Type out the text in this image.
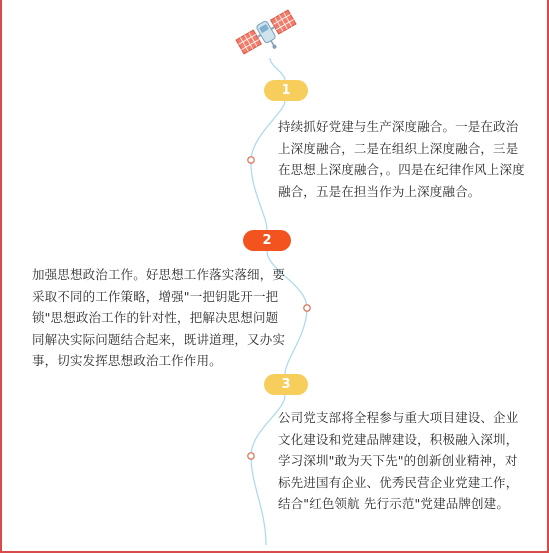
1
持续抓好党建与生产深度融合。一是在政治上深度融合，二是在组织上深度融合，三是在思想上深度融合，。四是在纪律作风上深度融合，五是在担当作为上深度融合。
2
加强思想政治工作。好思想工作落实落细，要采取不同的工作策略，增强"一把钥匙开一把锁"思想政治工作的针对性，把解决思想问题同解决实际问题结合起来，既讲道理，又办实事，切实发挥思想政治工作作用。
3
公司党支部将全程参与重大项目建设、企业文化建设和党建品牌建设，积极融入深圳，学习深圳"敢为天下先"的创新创业精神，对标先进国有企业、优秀民营企业党建工作，结合"红色领航 先行示范"党建品牌创建。
